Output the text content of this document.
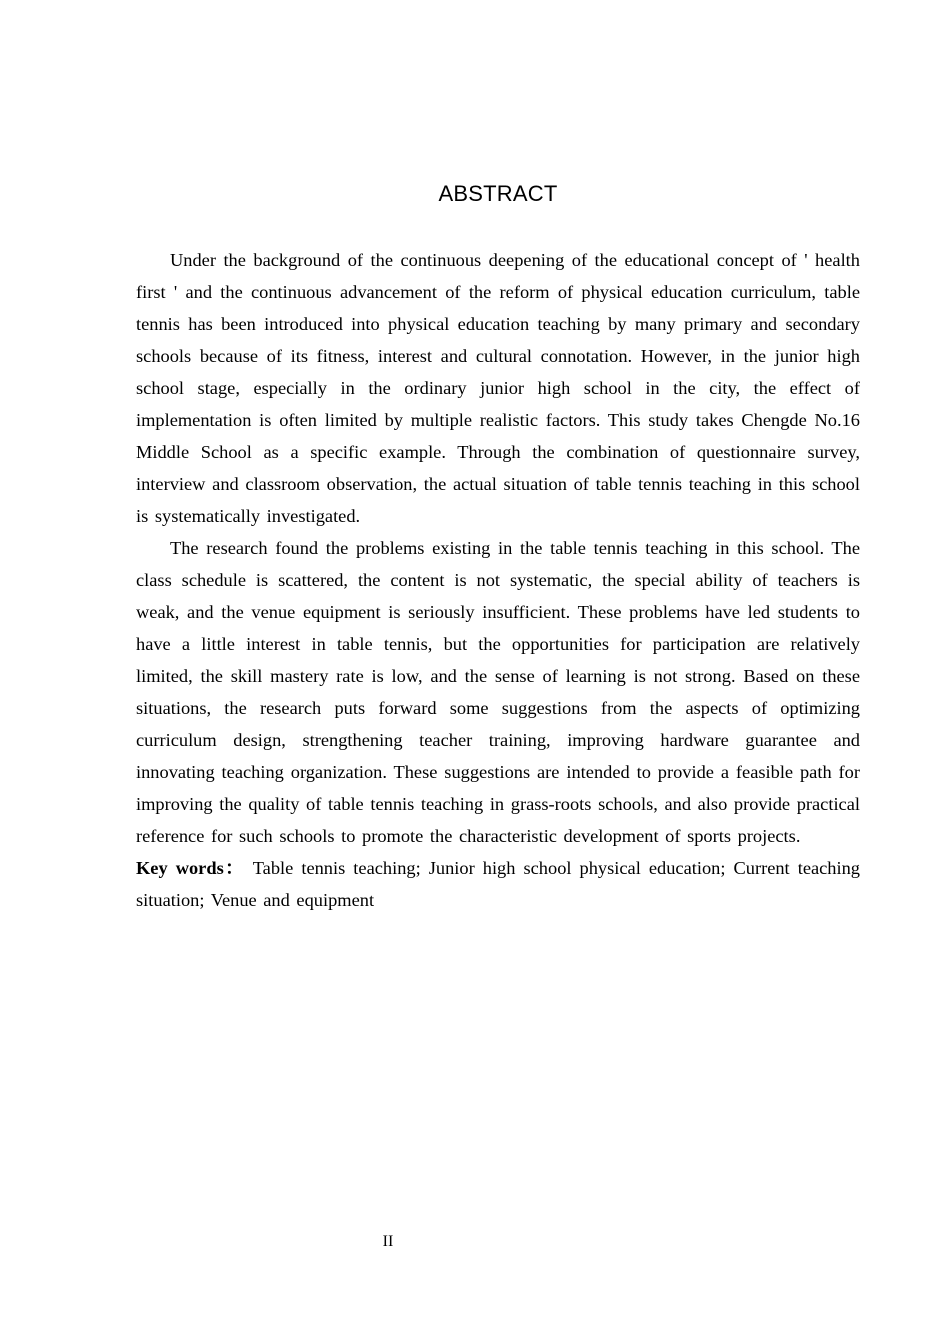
ABSTRACT

Under the background of the continuous deepening of the educational concept of ' health first ' and the continuous advancement of the reform of physical education curriculum, table tennis has been introduced into physical education teaching by many primary and secondary schools because of its fitness, interest and cultural connotation. However, in the junior high school stage, especially in the ordinary junior high school in the city, the effect of implementation is often limited by multiple realistic factors. This study takes Chengde No.16 Middle School as a specific example. Through the combination of questionnaire survey, interview and classroom observation, the actual situation of table tennis teaching in this school is systematically investigated.

The research found the problems existing in the table tennis teaching in this school. The class schedule is scattered, the content is not systematic, the special ability of teachers is weak, and the venue equipment is seriously insufficient. These problems have led students to have a little interest in table tennis, but the opportunities for participation are relatively limited, the skill mastery rate is low, and the sense of learning is not strong. Based on these situations, the research puts forward some suggestions from the aspects of optimizing curriculum design, strengthening teacher training, improving hardware guarantee and innovating teaching organization. These suggestions are intended to provide a feasible path for improving the quality of table tennis teaching in grass-roots schools, and also provide practical reference for such schools to promote the characteristic development of sports projects.

Key words： Table tennis teaching; Junior high school physical education; Current teaching situation; Venue and equipment

II
